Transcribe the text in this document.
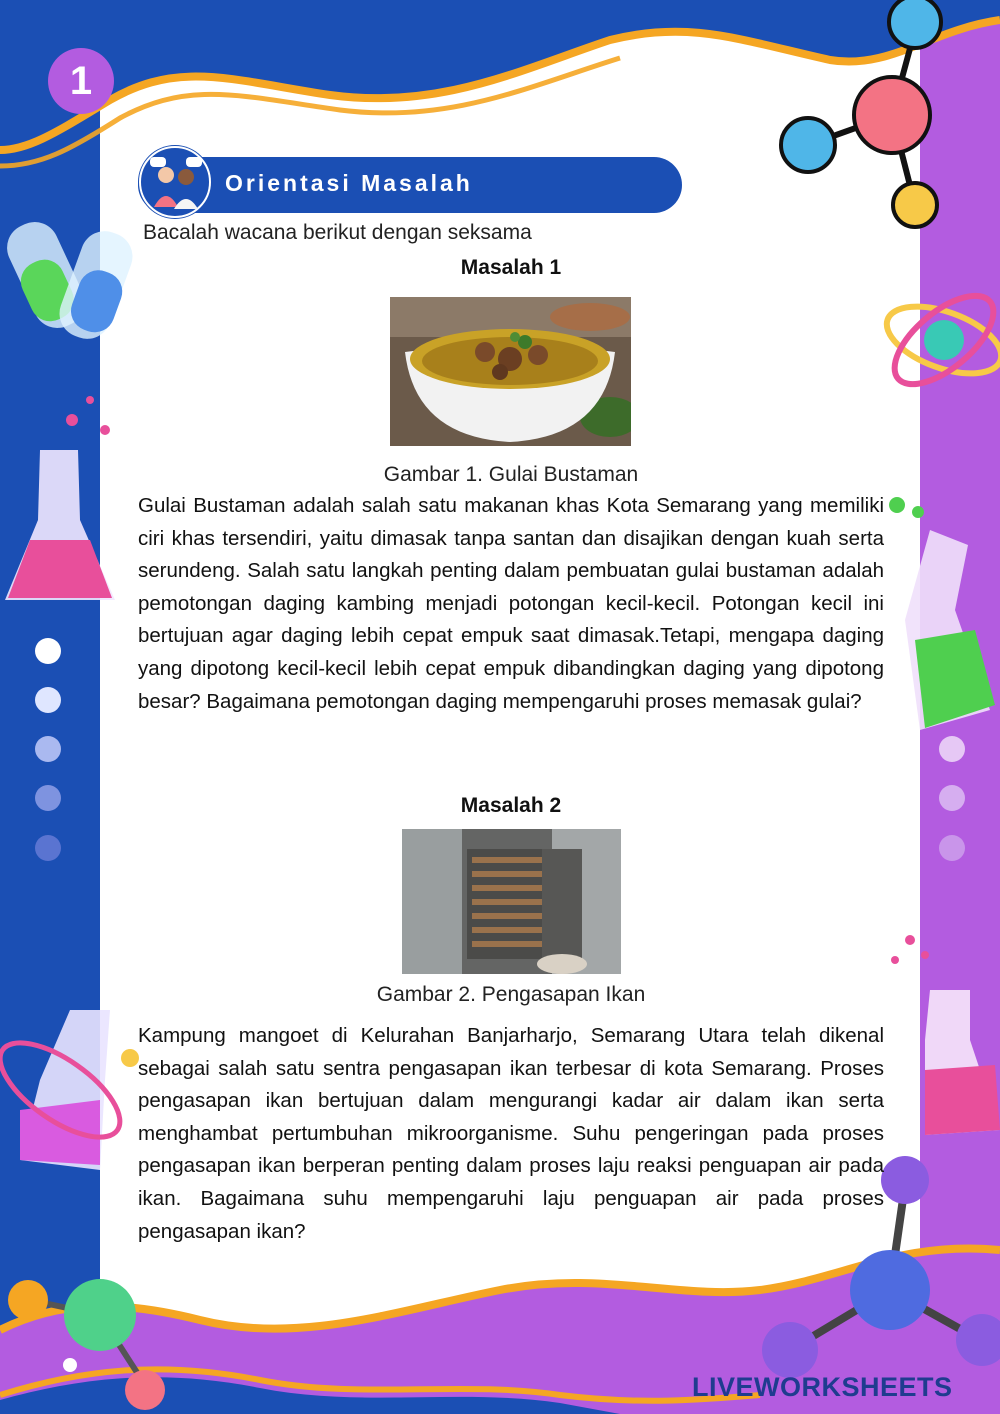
1
Orientasi Masalah
Bacalah wacana berikut dengan seksama
Masalah 1
Gambar 1. Gulai Bustaman
Gulai Bustaman adalah salah satu makanan khas Kota Semarang yang memiliki ciri khas tersendiri, yaitu dimasak tanpa santan dan disajikan dengan kuah serta serundeng. Salah satu langkah penting dalam pembuatan gulai bustaman adalah pemotongan daging kambing menjadi potongan kecil-kecil. Potongan kecil ini bertujuan agar daging lebih cepat empuk saat dimasak.Tetapi, mengapa daging yang dipotong kecil-kecil lebih cepat empuk dibandingkan daging yang dipotong besar? Bagaimana pemotongan daging mempengaruhi proses memasak gulai?
Masalah 2
Gambar 2. Pengasapan Ikan
Kampung mangoet di Kelurahan Banjarharjo, Semarang Utara telah dikenal sebagai salah satu sentra pengasapan ikan terbesar di kota Semarang. Proses pengasapan ikan bertujuan dalam mengurangi kadar air dalam ikan serta menghambat pertumbuhan mikroorganisme. Suhu pengeringan pada proses pengasapan ikan berperan penting dalam proses laju reaksi penguapan air pada ikan. Bagaimana suhu mempengaruhi laju penguapan air pada proses pengasapan ikan?
LIVEWORKSHEETS
